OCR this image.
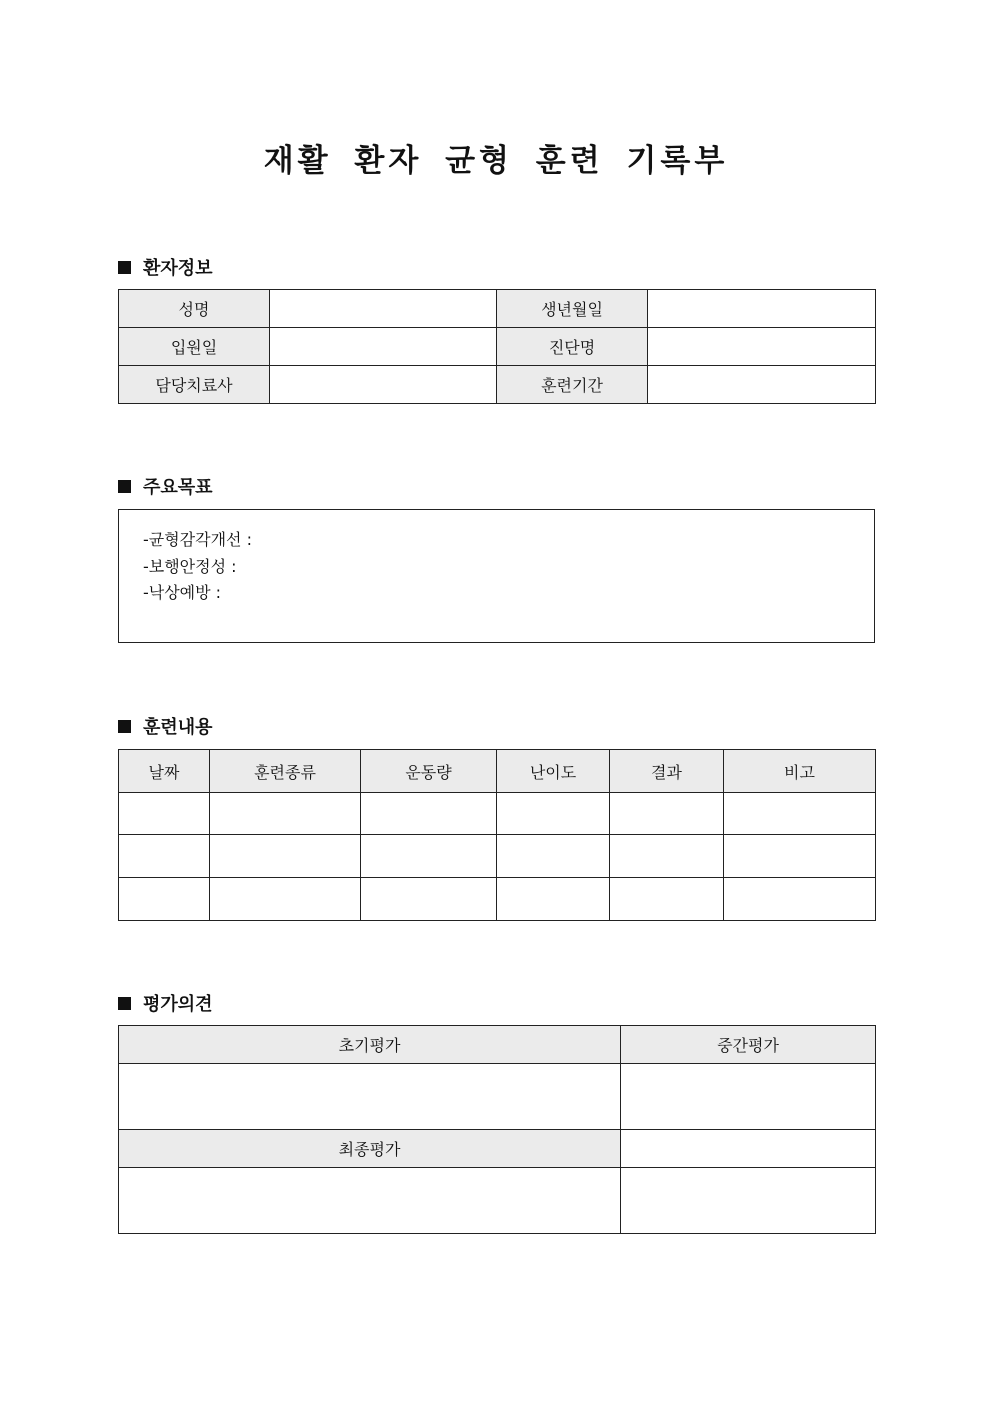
재활 환자 균형 훈련 기록부
환자정보
성명		생년월일	
입원일		진단명	
담당치료사		훈련기간	
주요목표
-균형감각개선 :
-보행안정성 :
-낙상예방 :
훈련내용
날짜	훈련종류	운동량	난이도	결과	비고

평가의견
초기평가	중간평가

최종평가	
